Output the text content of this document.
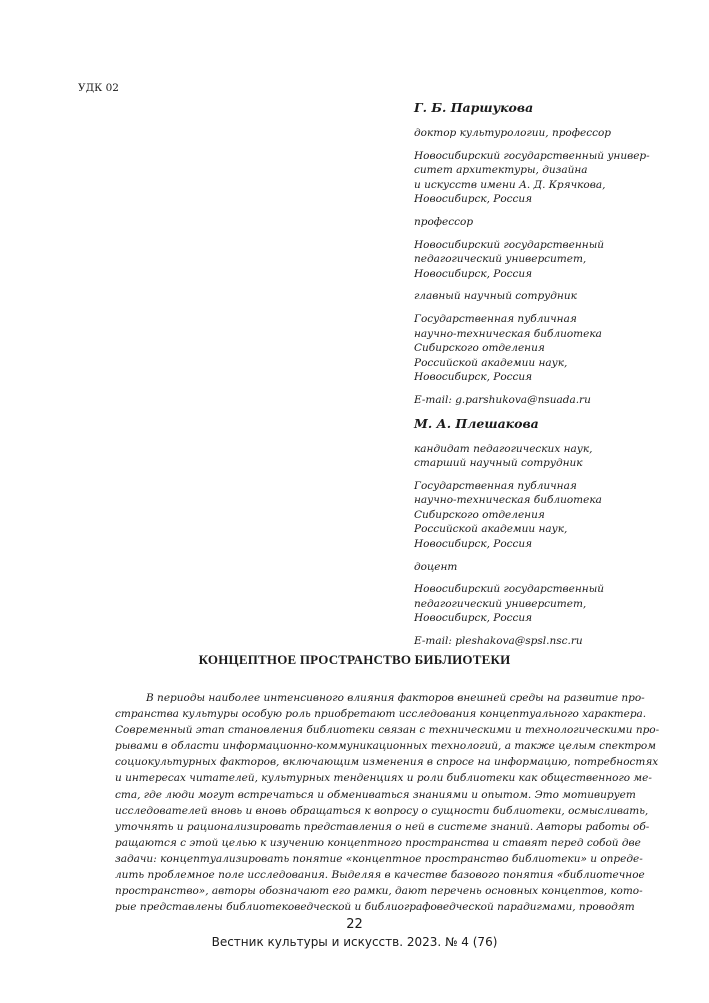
УДК 02
Г. Б. Паршукова
доктор культурологии, профессор
Новосибирский государственный универ-
ситет архитектуры, дизайна
и искусств имени А. Д. Крячкова,
Новосибирск, Россия
профессор
Новосибирский государственный
педагогический университет,
Новосибирск, Россия
главный научный сотрудник
Государственная публичная
научно-техническая библиотека
Сибирского отделения
Российской академии наук,
Новосибирск, Россия
E-mail: g.parshukova@nsuada.ru
М. А. Плешакова
кандидат педагогических наук,
старший научный сотрудник
Государственная публичная
научно-техническая библиотека
Сибирского отделения
Российской академии наук,
Новосибирск, Россия
доцент
Новосибирский государственный
педагогический университет,
Новосибирск, Россия
E-mail: pleshakova@spsl.nsc.ru
КОНЦЕПТНОЕ ПРОСТРАНСТВО БИБЛИОТЕКИ
В периоды наиболее интенсивного влияния факторов внешней среды на развитие про-
странства культуры особую роль приобретают исследования концептуального характера.
Современный этап становления библиотеки связан с техническими и технологическими про-
рывами в области информационно-коммуникационных технологий, а также целым спектром
социокультурных факторов, включающим изменения в спросе на информацию, потребностях
и интересах читателей, культурных тенденциях и роли библиотеки как общественного ме-
ста, где люди могут встречаться и обмениваться знаниями и опытом. Это мотивирует
исследователей вновь и вновь обращаться к вопросу о сущности библиотеки, осмысливать,
уточнять и рационализировать представления о ней в системе знаний. Авторы работы об-
ращаются с этой целью к изучению концептного пространства и ставят перед собой две
задачи: концептуализировать понятие «концептное пространство библиотеки» и опреде-
лить проблемное поле исследования. Выделяя в качестве базового понятия «библиотечное
пространство», авторы обозначают его рамки, дают перечень основных концептов, кото-
рые представлены библиотековедческой и библиографоведческой парадигмами, проводят
22
Вестник культуры и искусств. 2023. № 4 (76)
